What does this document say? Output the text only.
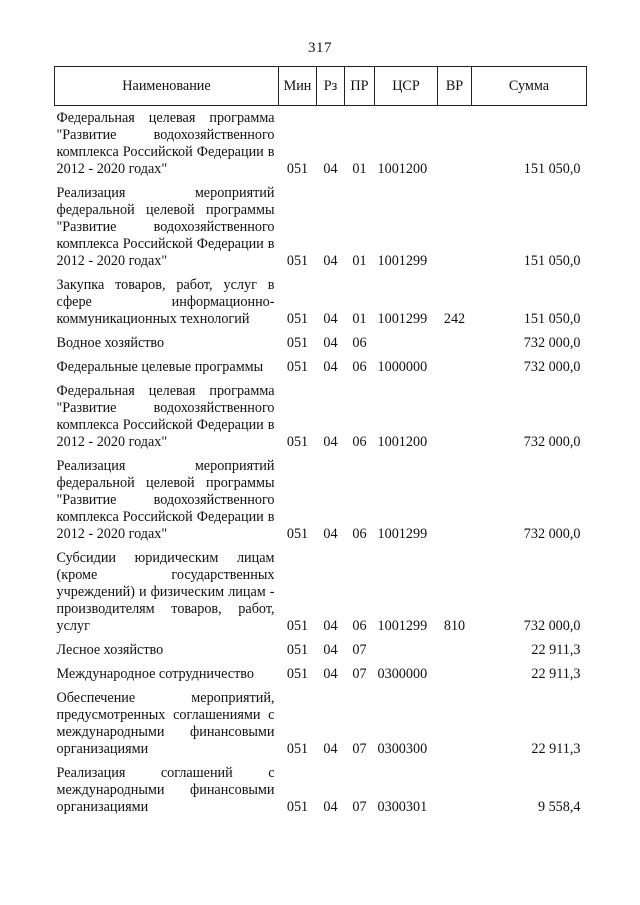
317
Наименование	Мин	Рз	ПР	ЦСР	ВР	Сумма
Федеральная целевая программа "Развитие водохозяйственного комплекса Российской Федерации в 2012 - 2020 годах"	051	04	01	1001200		151 050,0
Реализация мероприятий федеральной целевой программы "Развитие водохозяйственного комплекса Российской Федерации в 2012 - 2020 годах"	051	04	01	1001299		151 050,0
Закупка товаров, работ, услуг в сфере информационно-коммуникационных технологий	051	04	01	1001299	242	151 050,0
Водное хозяйство	051	04	06			732 000,0
Федеральные целевые программы	051	04	06	1000000		732 000,0
Федеральная целевая программа "Развитие водохозяйственного комплекса Российской Федерации в 2012 - 2020 годах"	051	04	06	1001200		732 000,0
Реализация мероприятий федеральной целевой программы "Развитие водохозяйственного комплекса Российской Федерации в 2012 - 2020 годах"	051	04	06	1001299		732 000,0
Субсидии юридическим лицам (кроме государственных учреждений) и физическим лицам - производителям товаров, работ, услуг	051	04	06	1001299	810	732 000,0
Лесное хозяйство	051	04	07			22 911,3
Международное сотрудничество	051	04	07	0300000		22 911,3
Обеспечение мероприятий, предусмотренных соглашениями с международными финансовыми организациями	051	04	07	0300300		22 911,3
Реализация соглашений с международными финансовыми организациями	051	04	07	0300301		9 558,4
